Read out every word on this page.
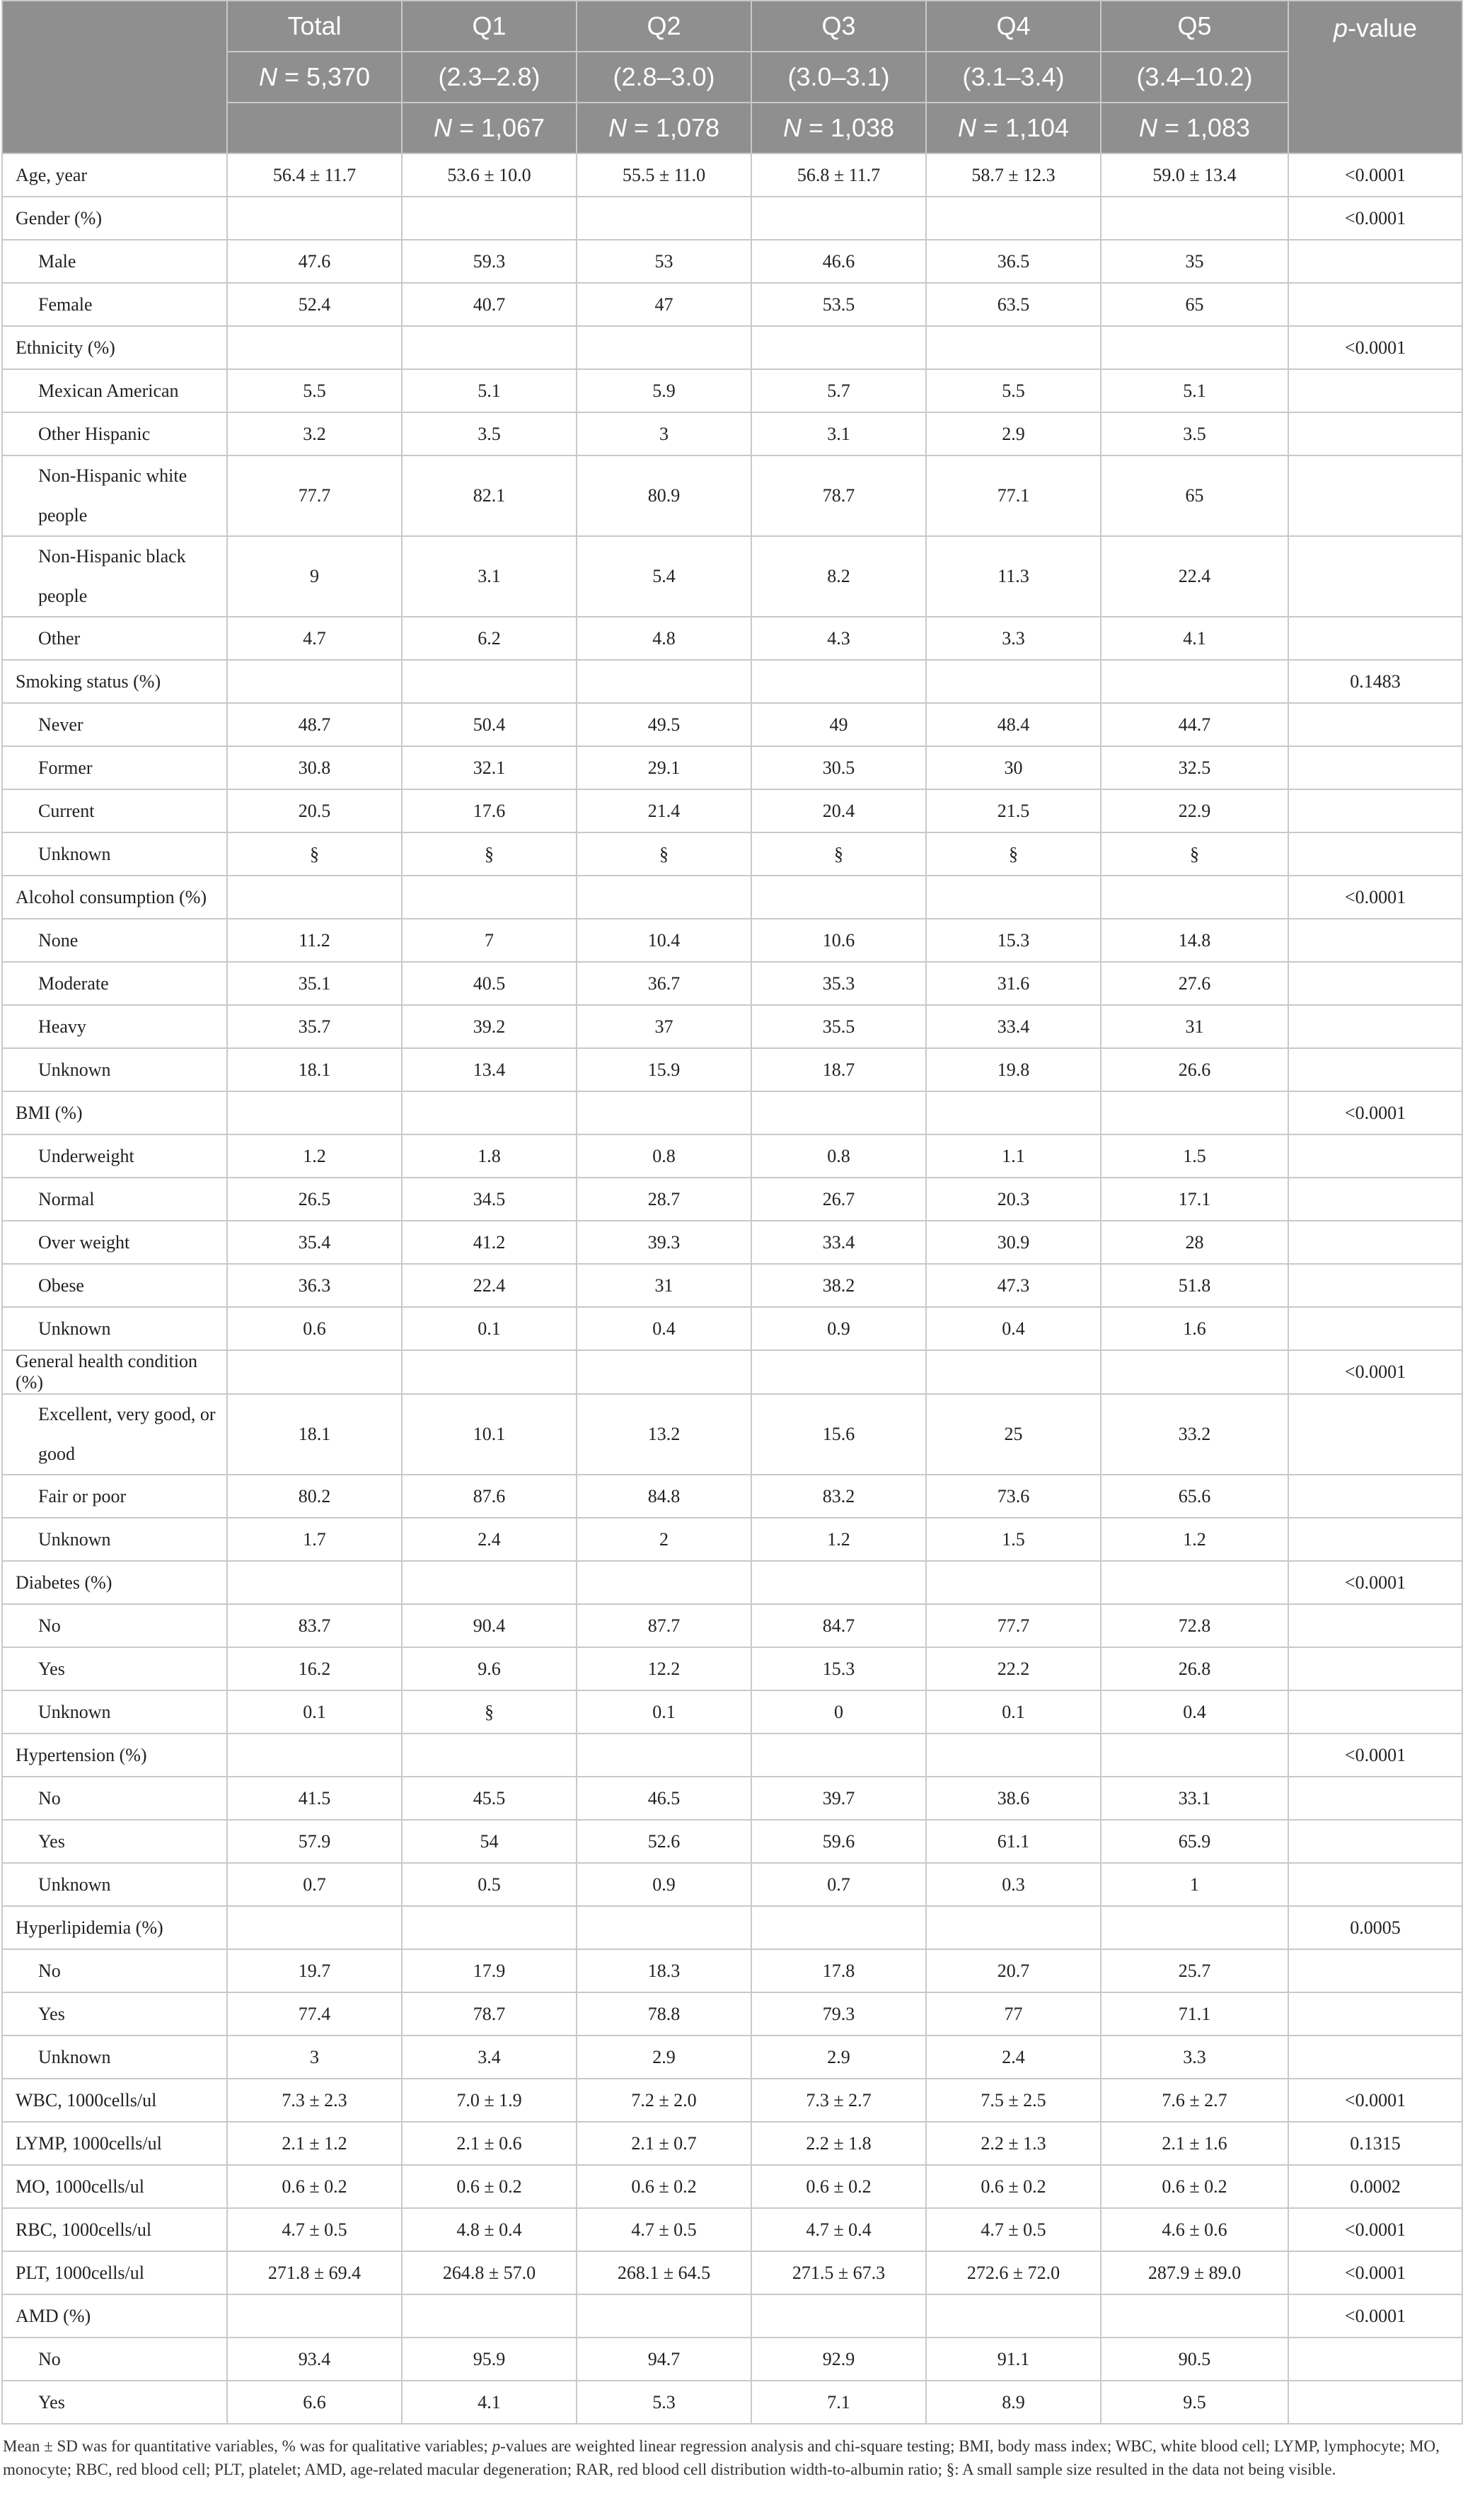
	Total	Q1	Q2	Q3	Q4	Q5	p-value
	N = 5,370	(2.3–2.8)	(2.8–3.0)	(3.0–3.1)	(3.1–3.4)	(3.4–10.2)	
		N = 1,067	N = 1,078	N = 1,038	N = 1,104	N = 1,083	
Age, year	56.4 ± 11.7	53.6 ± 10.0	55.5 ± 11.0	56.8 ± 11.7	58.7 ± 12.3	59.0 ± 13.4	<0.0001
Gender (%)							<0.0001
Male	47.6	59.3	53	46.6	36.5	35	
Female	52.4	40.7	47	53.5	63.5	65	
Ethnicity (%)							<0.0001
Mexican American	5.5	5.1	5.9	5.7	5.5	5.1	
Other Hispanic	3.2	3.5	3	3.1	2.9	3.5	
Non-Hispanic white people	77.7	82.1	80.9	78.7	77.1	65	
Non-Hispanic black people	9	3.1	5.4	8.2	11.3	22.4	
Other	4.7	6.2	4.8	4.3	3.3	4.1	
Smoking status (%)							0.1483
Never	48.7	50.4	49.5	49	48.4	44.7	
Former	30.8	32.1	29.1	30.5	30	32.5	
Current	20.5	17.6	21.4	20.4	21.5	22.9	
Unknown	§	§	§	§	§	§	
Alcohol consumption (%)							<0.0001
None	11.2	7	10.4	10.6	15.3	14.8	
Moderate	35.1	40.5	36.7	35.3	31.6	27.6	
Heavy	35.7	39.2	37	35.5	33.4	31	
Unknown	18.1	13.4	15.9	18.7	19.8	26.6	
BMI (%)							<0.0001
Underweight	1.2	1.8	0.8	0.8	1.1	1.5	
Normal	26.5	34.5	28.7	26.7	20.3	17.1	
Over weight	35.4	41.2	39.3	33.4	30.9	28	
Obese	36.3	22.4	31	38.2	47.3	51.8	
Unknown	0.6	0.1	0.4	0.9	0.4	1.6	
General health condition (%)							<0.0001
Excellent, very good, or good	18.1	10.1	13.2	15.6	25	33.2	
Fair or poor	80.2	87.6	84.8	83.2	73.6	65.6	
Unknown	1.7	2.4	2	1.2	1.5	1.2	
Diabetes (%)							<0.0001
No	83.7	90.4	87.7	84.7	77.7	72.8	
Yes	16.2	9.6	12.2	15.3	22.2	26.8	
Unknown	0.1	§	0.1	0	0.1	0.4	
Hypertension (%)							<0.0001
No	41.5	45.5	46.5	39.7	38.6	33.1	
Yes	57.9	54	52.6	59.6	61.1	65.9	
Unknown	0.7	0.5	0.9	0.7	0.3	1	
Hyperlipidemia (%)							0.0005
No	19.7	17.9	18.3	17.8	20.7	25.7	
Yes	77.4	78.7	78.8	79.3	77	71.1	
Unknown	3	3.4	2.9	2.9	2.4	3.3	
WBC, 1000cells/ul	7.3 ± 2.3	7.0 ± 1.9	7.2 ± 2.0	7.3 ± 2.7	7.5 ± 2.5	7.6 ± 2.7	<0.0001
LYMP, 1000cells/ul	2.1 ± 1.2	2.1 ± 0.6	2.1 ± 0.7	2.2 ± 1.8	2.2 ± 1.3	2.1 ± 1.6	0.1315
MO, 1000cells/ul	0.6 ± 0.2	0.6 ± 0.2	0.6 ± 0.2	0.6 ± 0.2	0.6 ± 0.2	0.6 ± 0.2	0.0002
RBC, 1000cells/ul	4.7 ± 0.5	4.8 ± 0.4	4.7 ± 0.5	4.7 ± 0.4	4.7 ± 0.5	4.6 ± 0.6	<0.0001
PLT, 1000cells/ul	271.8 ± 69.4	264.8 ± 57.0	268.1 ± 64.5	271.5 ± 67.3	272.6 ± 72.0	287.9 ± 89.0	<0.0001
AMD (%)							<0.0001
No	93.4	95.9	94.7	92.9	91.1	90.5	
Yes	6.6	4.1	5.3	7.1	8.9	9.5	

Mean ± SD was for quantitative variables, % was for qualitative variables; p-values are weighted linear regression analysis and chi-square testing; BMI, body mass index; WBC, white blood cell; LYMP, lymphocyte; MO, monocyte; RBC, red blood cell; PLT, platelet; AMD, age-related macular degeneration; RAR, red blood cell distribution width-to-albumin ratio; §: A small sample size resulted in the data not being visible.
